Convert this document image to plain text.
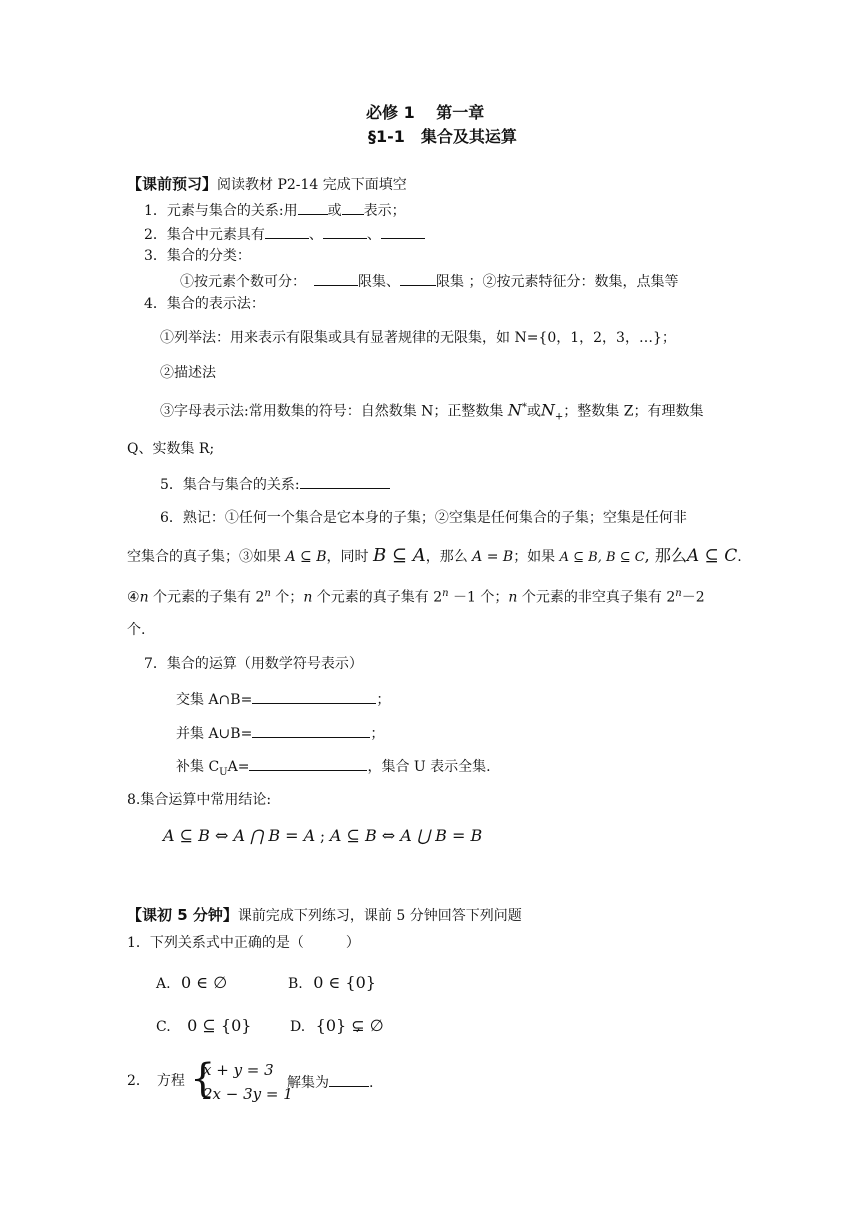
必修 1　 第一章
§1-1　集合及其运算
【课前预习】阅读教材 P2-14 完成下面填空
1．元素与集合的关系:用 或 表示；
2．集合中元素具有	、	、
3．集合的分类：
①按元素个数可分：	限集、	限集 ；②按元素特征分：数集，点集等
4．集合的表示法：
①列举法：用来表示有限集或具有显著规律的无限集，如 N={0，1，2，3，…}；
②描述法
③字母表示法:常用数集的符号：自然数集 N；正整数集 N*或$N_+$；整数集 Z；有理数集
Q、实数集 R;
5．集合与集合的关系:
6．熟记：①任何一个集合是它本身的子集；②空集是任何集合的子集；空集是任何非
空集合的真子集；③如果 A ⊆ B，同时 B ⊆ A，那么 A = B；如果 A ⊆ B, B ⊆ C, 那么A ⊆ C.
④n 个元素的子集有 2$^n$ 个；n 个元素的真子集有 $2^n -1$ 个；n 个元素的非空真子集有 $2^n-2$
个.
7．集合的运算（用数学符号表示）
交集 A∩B=	；
并集 A∪B=	；
补集 $C_UA=$	，集合 U 表示全集.
8.集合运算中常用结论:
A ⊆ B ⇔ A ⋂ B = A ; A ⊆ B ⇔ A ⋃ B = B
【课初 5 分钟】课前完成下列练习，课前 5 分钟回答下列问题
1．下列关系式中正确的是（　　　）
A. 0 ∈ ∅	B. 0 ∈ {0}
C. 0 ⊆ {0}	D. {0} ⊊ ∅
2．　方程 {
x + y = 3
2x − 3y = 1
解集为	.
